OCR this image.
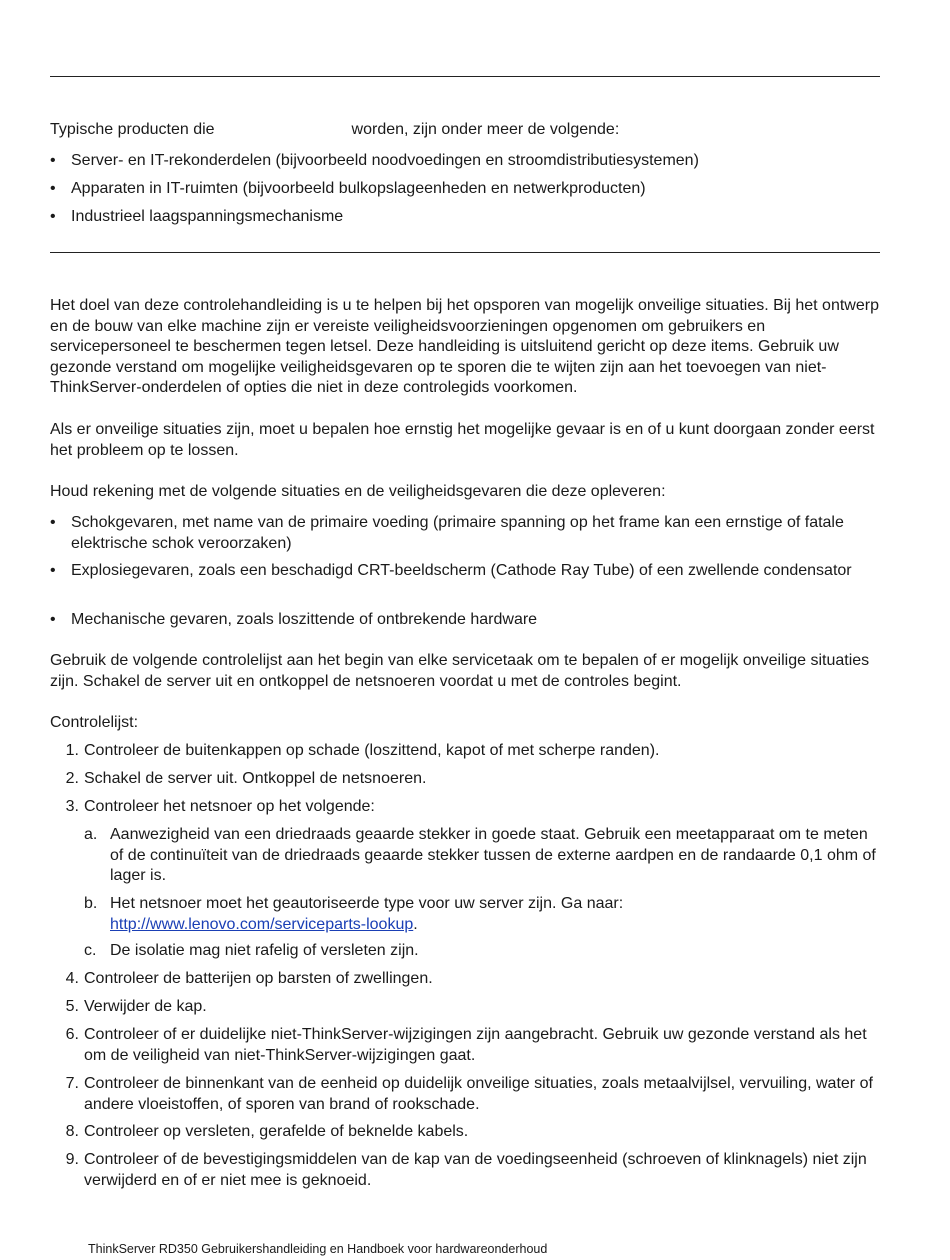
Typische producten die	worden, zijn onder meer de volgende:

• Server- en IT-rekonderdelen (bijvoorbeeld noodvoedingen en stroomdistributiesystemen)
• Apparaten in IT-ruimten (bijvoorbeeld bulkopslageenheden en netwerkproducten)
• Industrieel laagspanningsmechanisme

Het doel van deze controlehandleiding is u te helpen bij het opsporen van mogelijk onveilige situaties. Bij het ontwerp en de bouw van elke machine zijn er vereiste veiligheidsvoorzieningen opgenomen om gebruikers en servicepersoneel te beschermen tegen letsel. Deze handleiding is uitsluitend gericht op deze items. Gebruik uw gezonde verstand om mogelijke veiligheidsgevaren op te sporen die te wijten zijn aan het toevoegen van niet-ThinkServer-onderdelen of opties die niet in deze controlegids voorkomen.

Als er onveilige situaties zijn, moet u bepalen hoe ernstig het mogelijke gevaar is en of u kunt doorgaan zonder eerst het probleem op te lossen.

Houd rekening met de volgende situaties en de veiligheidsgevaren die deze opleveren:

• Schokgevaren, met name van de primaire voeding (primaire spanning op het frame kan een ernstige of fatale elektrische schok veroorzaken)
• Explosiegevaren, zoals een beschadigd CRT-beeldscherm (Cathode Ray Tube) of een zwellende condensator
• Mechanische gevaren, zoals loszittende of ontbrekende hardware

Gebruik de volgende controlelijst aan het begin van elke servicetaak om te bepalen of er mogelijk onveilige situaties zijn. Schakel de server uit en ontkoppel de netsnoeren voordat u met de controles begint.

Controlelijst:

1. Controleer de buitenkappen op schade (loszittend, kapot of met scherpe randen).
2. Schakel de server uit. Ontkoppel de netsnoeren.
3. Controleer het netsnoer op het volgende:
a. Aanwezigheid van een driedraads geaarde stekker in goede staat. Gebruik een meetapparaat om te meten of de continuïteit van de driedraads geaarde stekker tussen de externe aardpen en de randaarde 0,1 ohm of lager is.
b. Het netsnoer moet het geautoriseerde type voor uw server zijn. Ga naar: http://www.lenovo.com/serviceparts-lookup.
c. De isolatie mag niet rafelig of versleten zijn.
4. Controleer de batterijen op barsten of zwellingen.
5. Verwijder de kap.
6. Controleer of er duidelijke niet-ThinkServer-wijzigingen zijn aangebracht. Gebruik uw gezonde verstand als het om de veiligheid van niet-ThinkServer-wijzigingen gaat.
7. Controleer de binnenkant van de eenheid op duidelijk onveilige situaties, zoals metaalvijlsel, vervuiling, water of andere vloeistoffen, of sporen van brand of rookschade.
8. Controleer op versleten, gerafelde of beknelde kabels.
9. Controleer of de bevestigingsmiddelen van de kap van de voedingseenheid (schroeven of klinknagels) niet zijn verwijderd en of er niet mee is geknoeid.
ThinkServer RD350 Gebruikershandleiding en Handboek voor hardwareonderhoud
